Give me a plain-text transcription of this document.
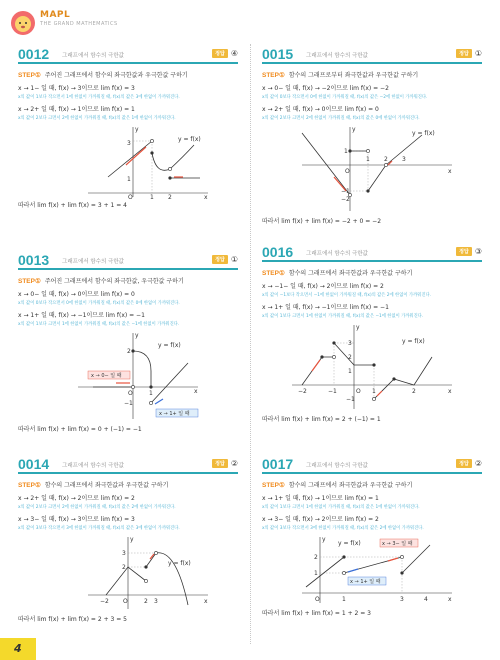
MAPL
THE GRAND MATHEMATICS
0012 그래프에서 함수의 극한값	정답 ④
STEP① 주어진 그래프에서 함수의 좌극한값과 우극한값 구하기
x → 1− 일 때, f(x) → 3이므로 lim f(x) = 3
x의 값이 1보다 작으면서 1에 한없이 가까워질 때, f(x)의 값은 3에 한없이 가까워진다.
x → 2+ 일 때, f(x) → 1이므로 lim f(x) = 1
x의 값이 2보다 크면서 2에 한없이 가까워질 때, f(x)의 값은 1에 한없이 가까워진다.
y = f(x)
3
1
O	1 2	x
y
따라서 lim f(x) + lim f(x) = 3 + 1 = 4
0013 그래프에서 함수의 극한값	정답 ①
STEP① 주어진 그래프에서 함수의 좌극한값, 우극한값 구하기
x → 0− 일 때, f(x) → 0이므로 lim f(x) = 0
x의 값이 0보다 작으면서 0에 한없이 가까워질 때, f(x)의 값은 0에 한없이 가까워진다.
x → 1+ 일 때, f(x) → −1이므로 lim f(x) = −1
x의 값이 1보다 크면서 1에 한없이 가까워질 때, f(x)의 값은 −1에 한없이 가까워진다.
x → 0− 일 때
x → 1+ 일 때
y = f(x)
2
−1
O	1	x
y
따라서 lim f(x) + lim f(x) = 0 + (−1) = −1
0014 그래프에서 함수의 극한값	정답 ②
STEP① 함수의 그래프에서 좌극한값과 우극한값 구하기
x → 2+ 일 때, f(x) → 2이므로 lim f(x) = 2
x의 값이 2보다 크면서 2에 한없이 가까워질 때, f(x)의 값은 2에 한없이 가까워진다.
x → 3− 일 때, f(x) → 3이므로 lim f(x) = 3
x의 값이 3보다 작으면서 3에 한없이 가까워질 때, f(x)의 값은 3에 한없이 가까워진다.
y = f(x)
3
2
−2 O	2 3	x
y
따라서 lim f(x) + lim f(x) = 2 + 3 = 5
0015 그래프에서 함수의 극한값	정답 ①
STEP① 함수의 그래프로부터 좌극한값과 우극한값 구하기
x → 0− 일 때, f(x) → −2이므로 lim f(x) = −2
x의 값이 0보다 작으면서 0에 한없이 가까워질 때, f(x)의 값은 −2에 한없이 가까워진다.
x → 2+ 일 때, f(x) → 0이므로 lim f(x) = 0
x의 값이 2보다 크면서 2에 한없이 가까워질 때, f(x)의 값은 0에 한없이 가까워진다.
y = f(x)
1
−1
−2
O
1 2 3
x
y
따라서 lim f(x) + lim f(x) = −2 + 0 = −2
0016 그래프에서 함수의 극한값	정답 ③
STEP① 함수의 그래프에서 좌극한값과 우극한값 구하기
x → −1− 일 때, f(x) → 2이므로 lim f(x) = 2
x의 값이 −1보다 작으면서 −1에 한없이 가까워질 때, f(x)의 값은 2에 한없이 가까워진다.
x → 1+ 일 때, f(x) → −1이므로 lim f(x) = −1
x의 값이 1보다 크면서 1에 한없이 가까워질 때, f(x)의 값은 −1에 한없이 가까워진다.
y = f(x)
3
2
1
−1
−2	−1	O 1	2	x
y
따라서 lim f(x) + lim f(x) = 2 + (−1) = 1
0017 그래프에서 함수의 극한값	정답 ②
STEP① 함수의 그래프에서 좌극한값과 우극한값 구하기
x → 1+ 일 때, f(x) → 1이므로 lim f(x) = 1
x의 값이 1보다 크면서 1에 한없이 가까워질 때, f(x)의 값은 1에 한없이 가까워진다.
x → 3− 일 때, f(x) → 2이므로 lim f(x) = 2
x의 값이 3보다 작으면서 3에 한없이 가까워질 때, f(x)의 값은 2에 한없이 가까워진다.
x → 1+ 일 때
x → 3− 일 때
y = f(x)
2
1
O	1	3	4	x
y
따라서 lim f(x) + lim f(x) = 1 + 2 = 3
4
